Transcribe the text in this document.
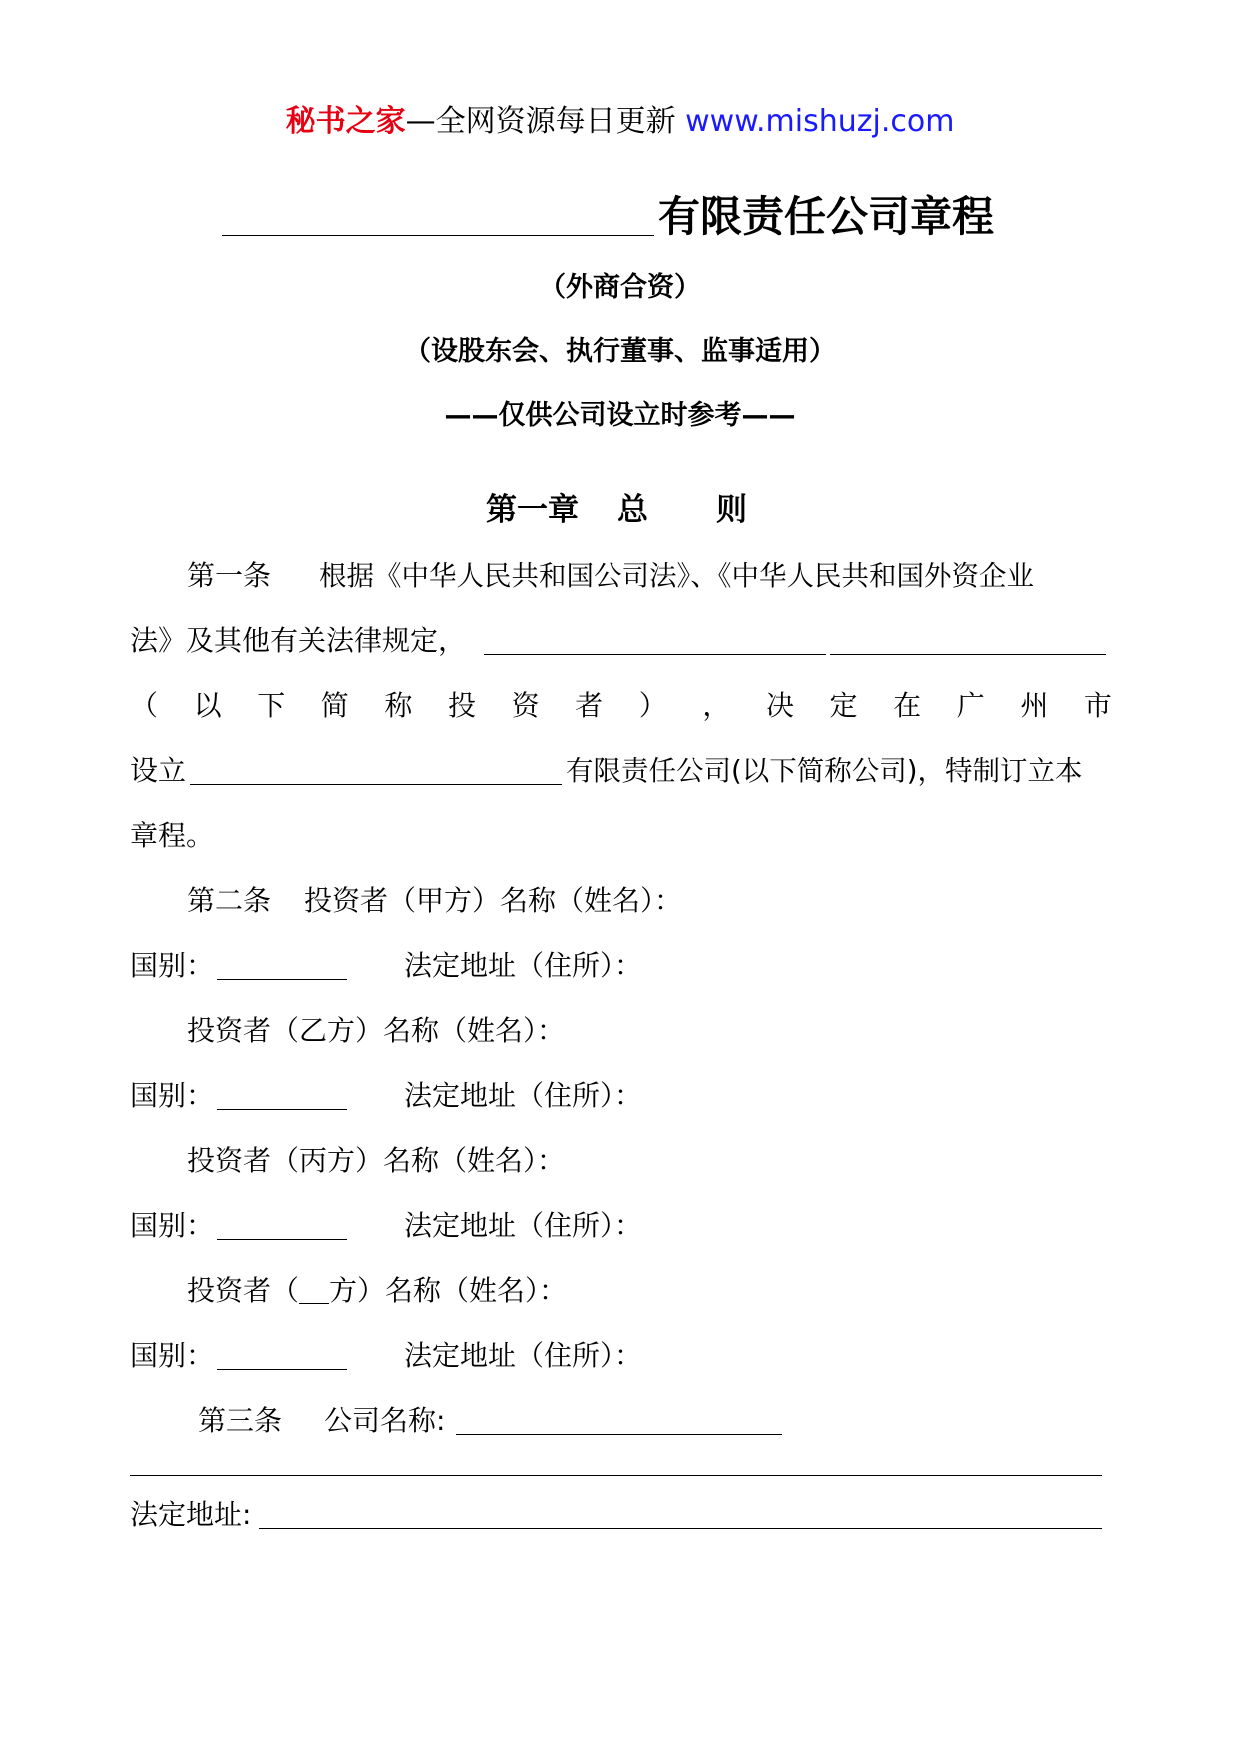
秘书之家—全网资源每日更新 www.mishuzj.com
有限责任公司章程
（外商合资）
（设股东会、执行董事、监事适用）
——仅供公司设立时参考——
第一章 总 则
第一条 根据《中华人民共和国公司法》、《中华人民共和国外资企业
法》及其他有关法律规定，
（ 以 下 简 称 投 资 者 ） ， 决 定 在 广 州 市
设立	有限责任公司(以下简称公司)，特制订立本
章程。
第二条 投资者（甲方）名称（姓名）：
国别：	法定地址（住所）：
投资者（乙方）名称（姓名）：
国别：	法定地址（住所）：
投资者（丙方）名称（姓名）：
国别：	法定地址（住所）：
投资者（ 方）名称（姓名）：
国别：	法定地址（住所）：
第三条 公司名称:
法定地址:
